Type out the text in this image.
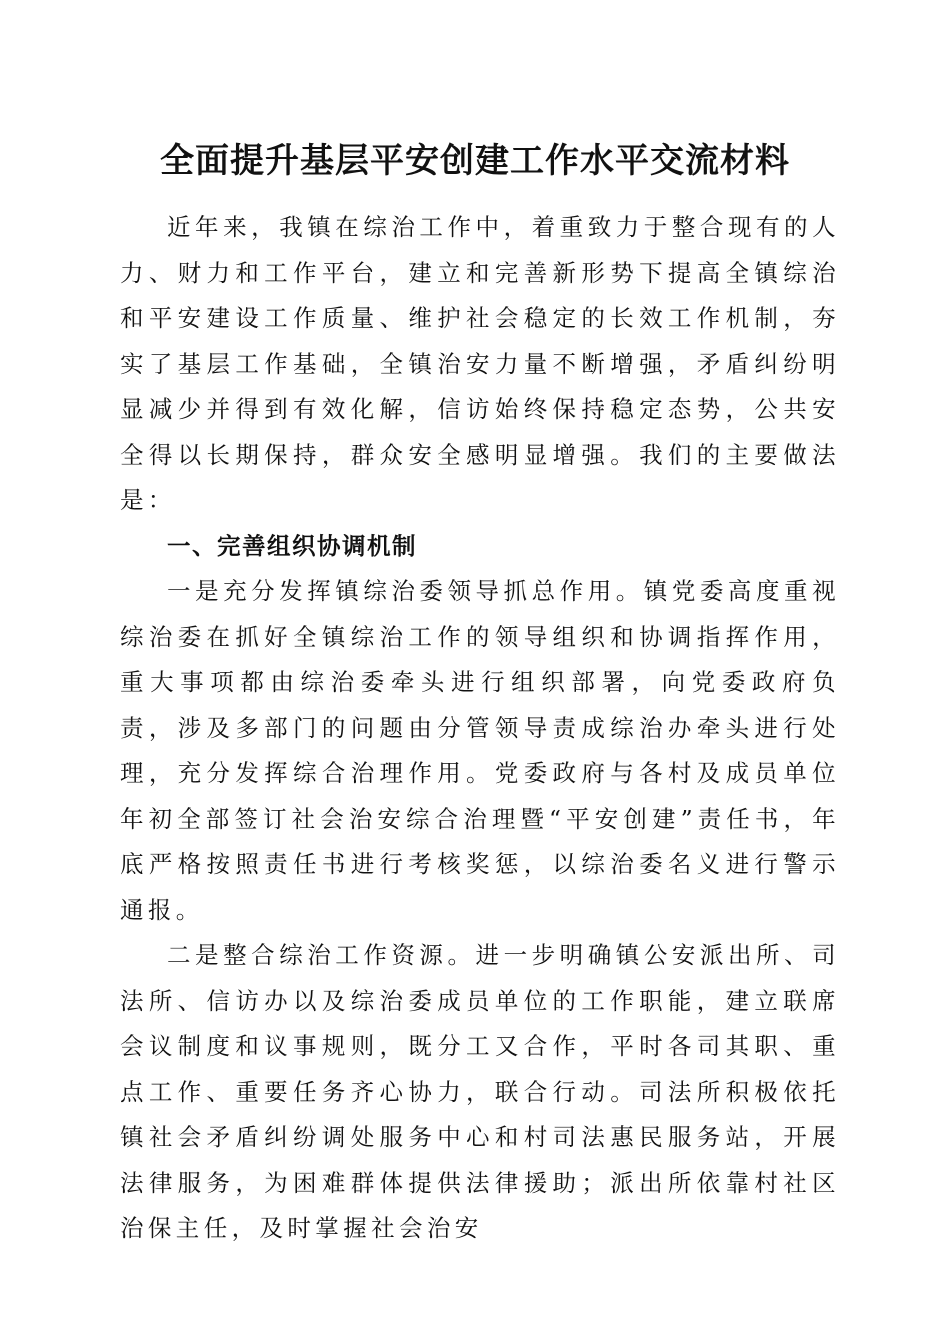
全面提升基层平安创建工作水平交流材料

近年来，我镇在综治工作中，着重致力于整合现有的人力、财力和工作平台，建立和完善新形势下提高全镇综治和平安建设工作质量、维护社会稳定的长效工作机制，夯实了基层工作基础，全镇治安力量不断增强，矛盾纠纷明显减少并得到有效化解，信访始终保持稳定态势，公共安全得以长期保持，群众安全感明显增强。我们的主要做法是：

一、完善组织协调机制

一是充分发挥镇综治委领导抓总作用。镇党委高度重视综治委在抓好全镇综治工作的领导组织和协调指挥作用，重大事项都由综治委牵头进行组织部署，向党委政府负责，涉及多部门的问题由分管领导责成综治办牵头进行处理，充分发挥综合治理作用。党委政府与各村及成员单位年初全部签订社会治安综合治理暨“平安创建”责任书，年底严格按照责任书进行考核奖惩，以综治委名义进行警示通报。

二是整合综治工作资源。进一步明确镇公安派出所、司法所、信访办以及综治委成员单位的工作职能，建立联席会议制度和议事规则，既分工又合作，平时各司其职、重点工作、重要任务齐心协力，联合行动。司法所积极依托镇社会矛盾纠纷调处服务中心和村司法惠民服务站，开展法律服务，为困难群体提供法律援助；派出所依靠村社区治保主任，及时掌握社会治安
